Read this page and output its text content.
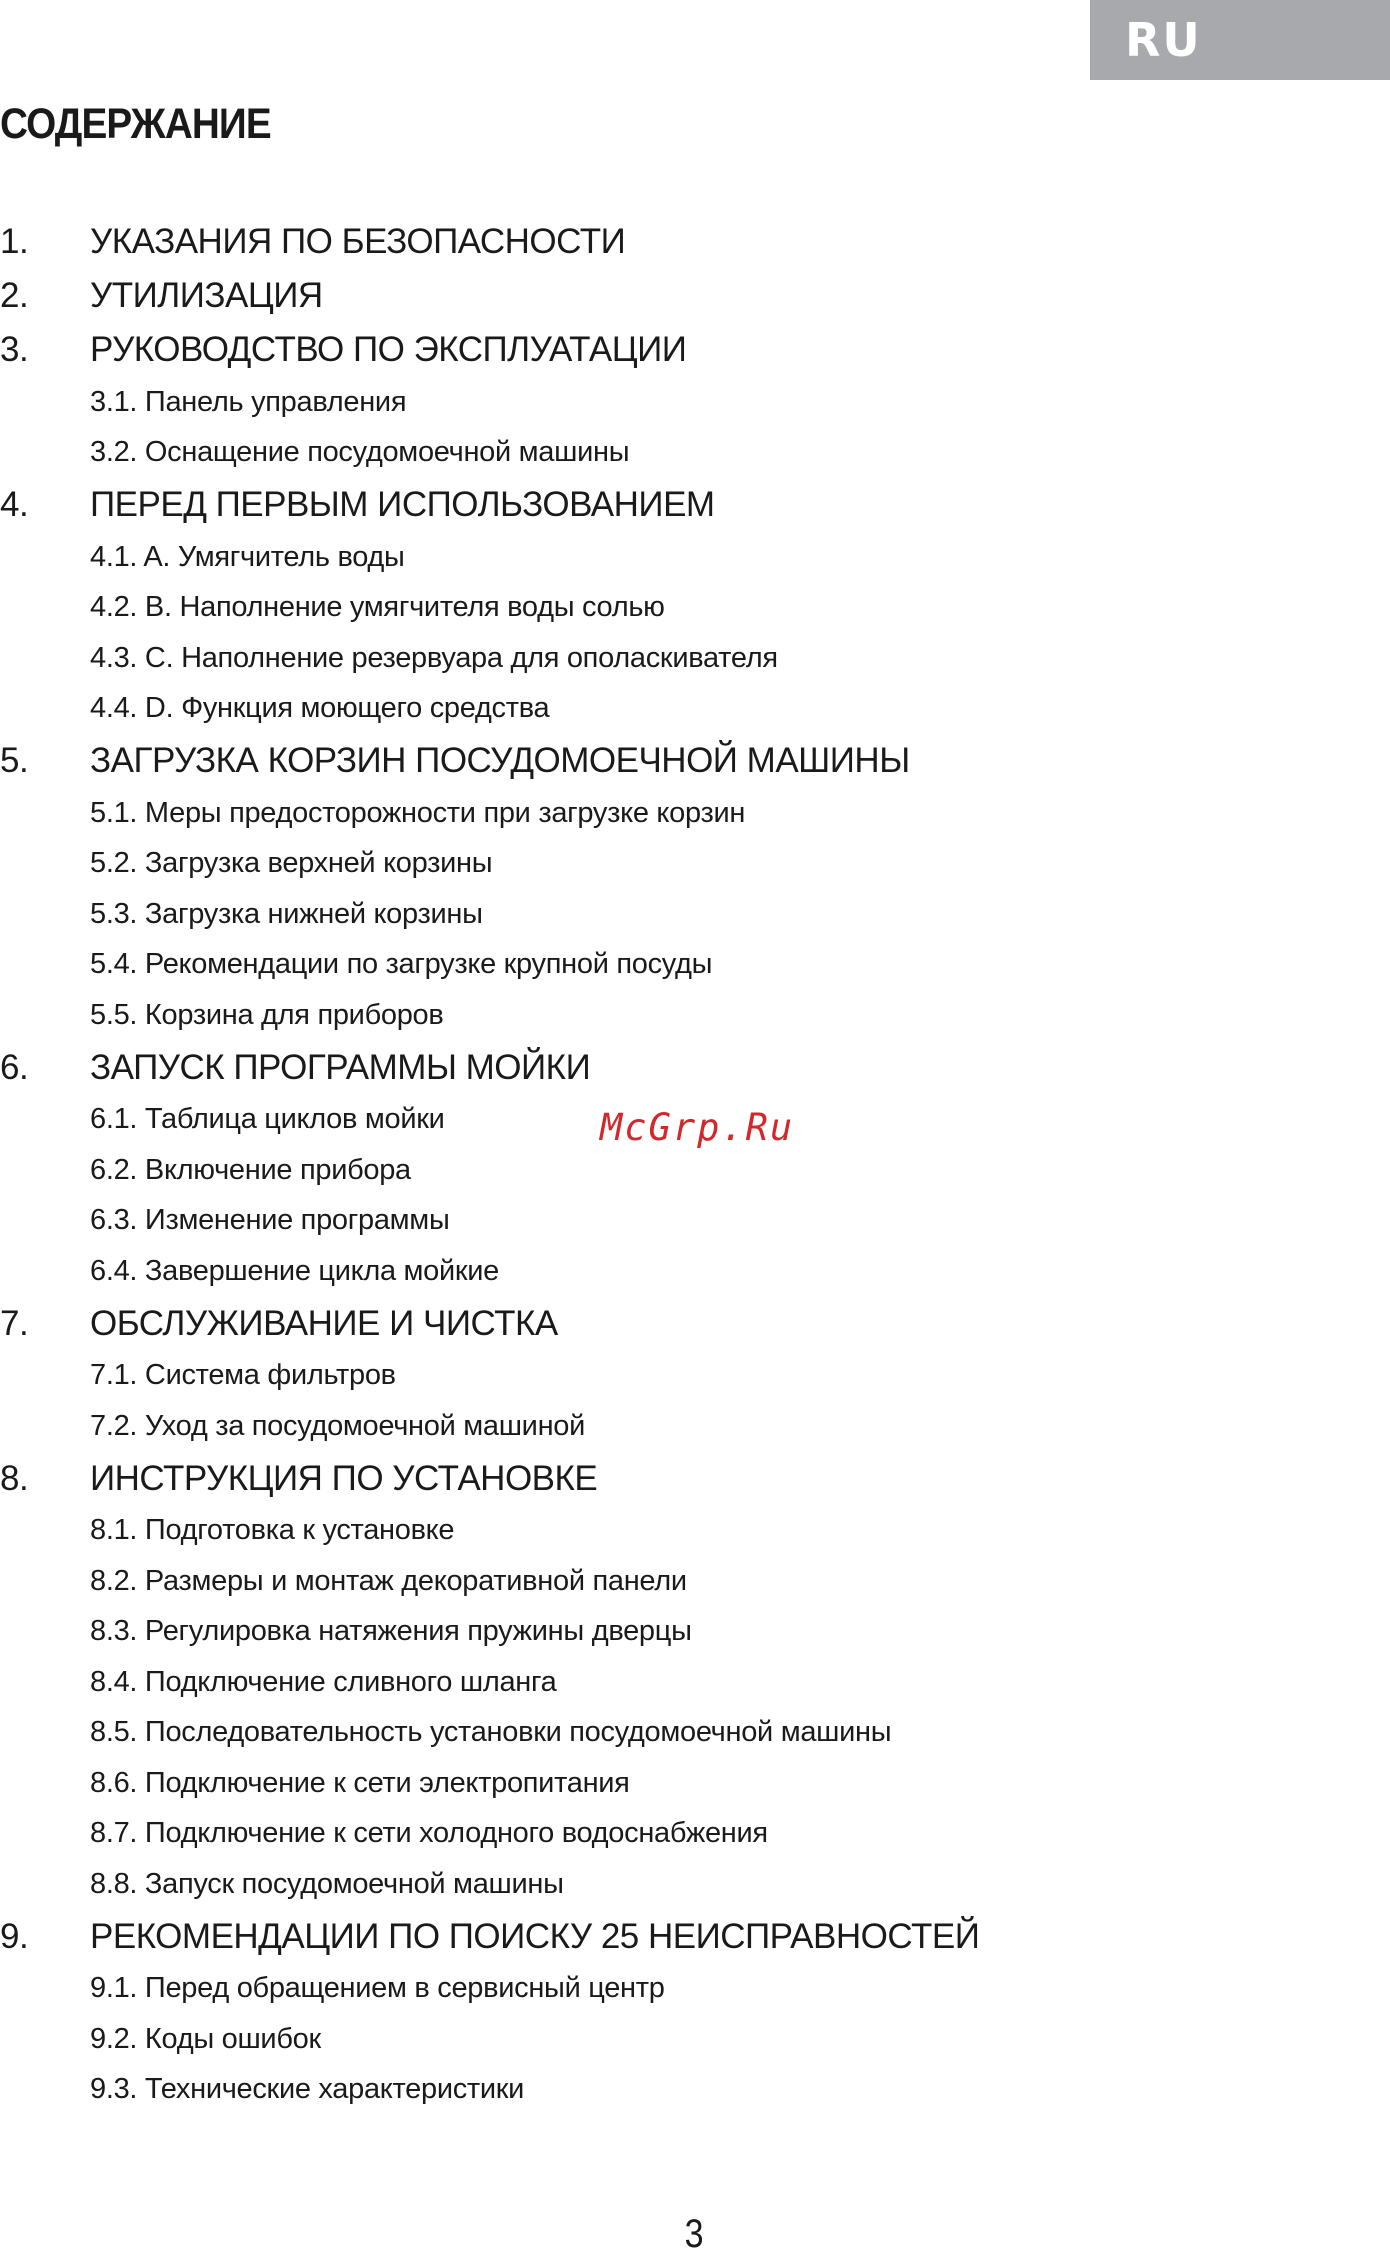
RU
СОДЕРЖАНИЕ
1.	УКАЗАНИЯ ПО БЕЗОПАСНОСТИ
2.	УТИЛИЗАЦИЯ
3.	РУКОВОДСТВО ПО ЭКСПЛУАТАЦИИ
3.1. Панель управления
3.2. Оснащение посудомоечной машины
4.	ПЕРЕД ПЕРВЫМ ИСПОЛЬЗОВАНИЕМ
4.1. A. Умягчитель воды
4.2. B. Наполнение умягчителя воды солью
4.3. C. Наполнение резервуара для ополаскивателя
4.4. D. Функция моющего средства
5.	ЗАГРУЗКА КОРЗИН ПОСУДОМОЕЧНОЙ МАШИНЫ
5.1. Меры предосторожности при загрузке корзин
5.2. Загрузка верхней корзины
5.3. Загрузка нижней корзины
5.4. Рекомендации по загрузке крупной посуды
5.5. Корзина для приборов
6.	ЗАПУСК ПРОГРАММЫ МОЙКИ
6.1. Таблица циклов мойки
6.2. Включение прибора
6.3. Изменение программы
6.4. Завершение цикла мойкие
7.	ОБСЛУЖИВАНИЕ И ЧИСТКА
7.1. Система фильтров
7.2. Уход за посудомоечной машиной
8.	ИНСТРУКЦИЯ ПО УСТАНОВКЕ
8.1. Подготовка к установке
8.2. Размеры и монтаж декоративной панели
8.3. Регулировка натяжения пружины дверцы
8.4. Подключение сливного шланга
8.5. Последовательность установки посудомоечной машины
8.6. Подключение к сети электропитания
8.7. Подключение к сети холодного водоснабжения
8.8. Запуск посудомоечной машины
9.	РЕКОМЕНДАЦИИ ПО ПОИСКУ 25 НЕИСПРАВНОСТЕЙ
9.1. Перед обращением в сервисный центр
9.2. Коды ошибок
9.3. Технические характеристики
McGrp.Ru
3
